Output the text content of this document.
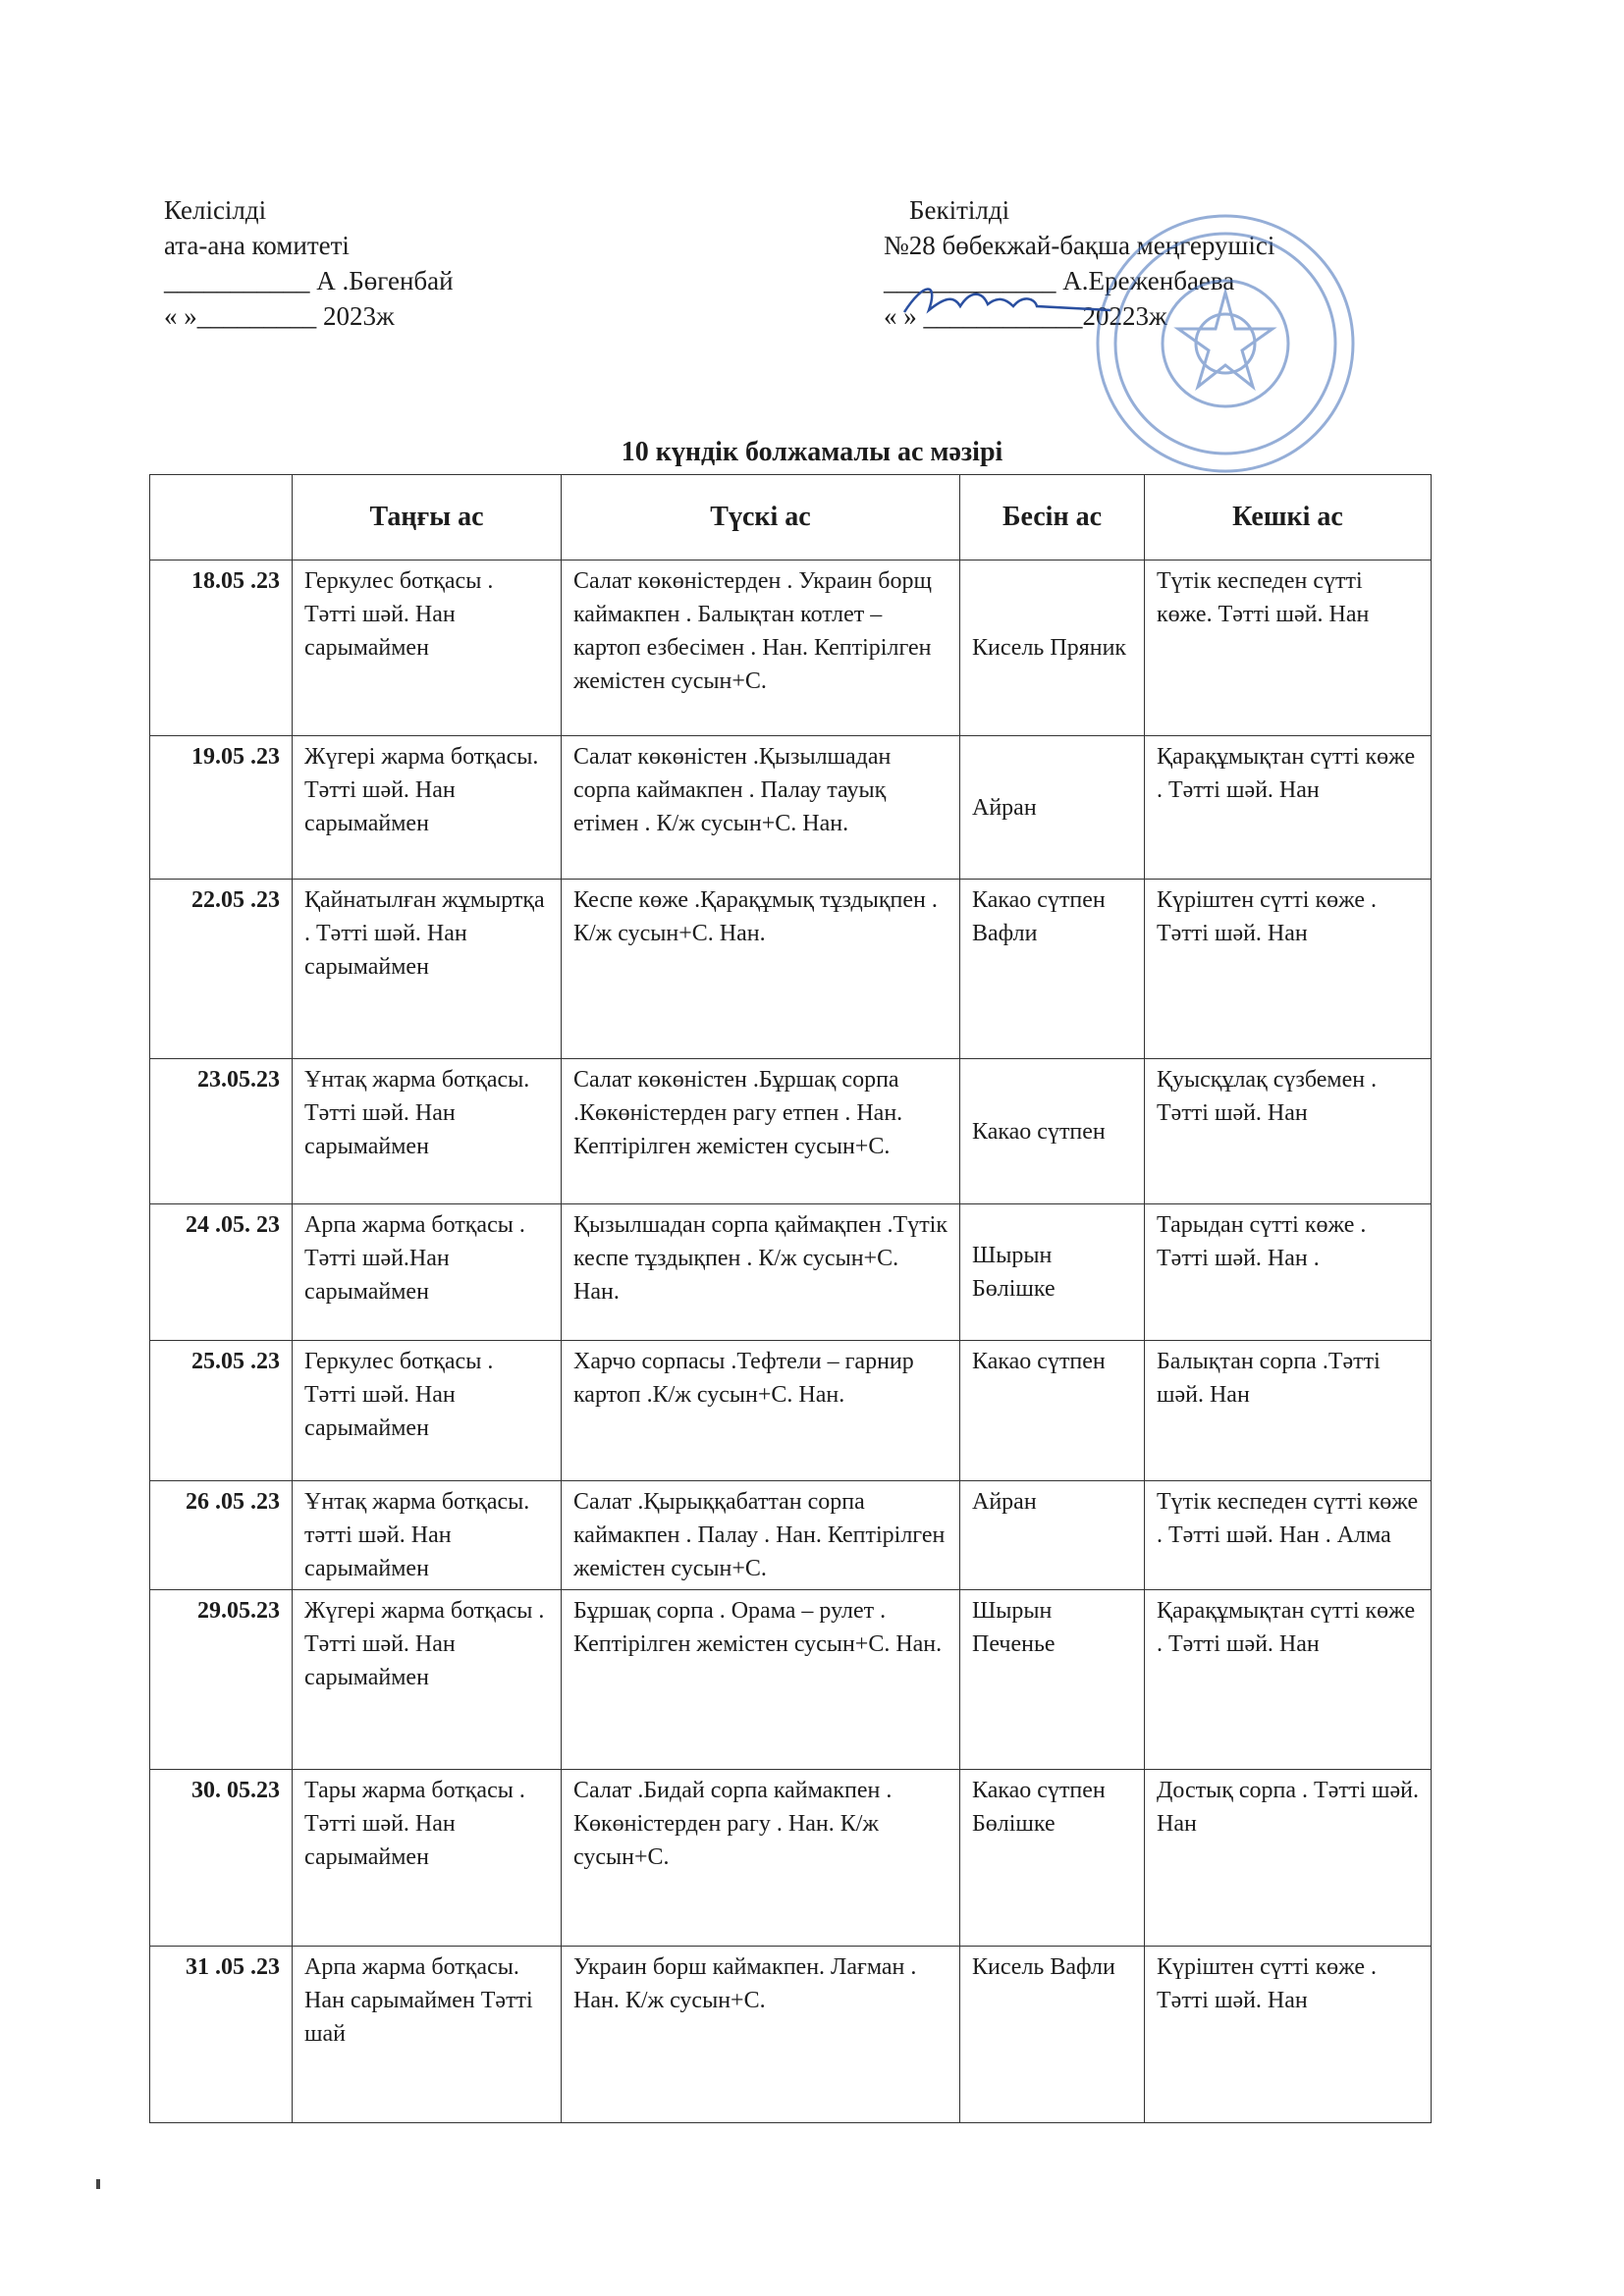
Келісілді
ата-ана комитеті
___________ А .Бөгенбай
« »_________ 2023ж
Бекітілді
№28 бөбекжай-бақша меңгерушісі
_____________ А.Ереженбаева
« » ____________20223ж
10 күндік болжамалы ас мәзірі
	Таңғы ас	Түскі ас	Бесін ас	Кешкі ас
18.05 .23	Геркулес ботқасы . Тәтті шәй. Нан сарымаймен	Салат көкөністерден . Украин борщ каймакпен . Балықтан котлет –картоп езбесімен . Нан. Кептірілген жемістен сусын+С.	Кисель Пряник	Түтік кеспеден сүтті көже. Тәтті шәй. Нан
19.05 .23	Жүгері жарма ботқасы. Тәтті шәй. Нан сарымаймен	Салат көкөністен .Қызылшадан сорпа каймакпен . Палау тауық етімен . К/ж сусын+С. Нан.	Айран	Қарақұмықтан сүтті көже . Тәтті шәй. Нан
22.05 .23	Қайнатылған жұмыртқа . Тәтті шәй. Нан сарымаймен	Кеспе көже .Қарақұмық тұздықпен . К/ж сусын+С. Нан.	Какао сүтпен Вафли	Күріштен сүтті көже . Тәтті шәй. Нан
23.05.23	Ұнтақ жарма ботқасы. Тәтті шәй. Нан сарымаймен	Салат көкөністен .Бұршақ сорпа .Көкөністерден рагу етпен . Нан. Кептірілген жемістен сусын+С.	Какао сүтпен	Қуысқұлақ сүзбемен . Тәтті шәй. Нан
24 .05. 23	Арпа жарма ботқасы . Тәтті шәй.Нан сарымаймен	Қызылшадан сорпа қаймақпен .Түтік кеспе тұздықпен . К/ж сусын+С. Нан.	Шырын Бөлішке	Тарыдан сүтті көже . Тәтті шәй. Нан .
25.05 .23	Геркулес ботқасы . Тәтті шәй. Нан сарымаймен	Харчо сорпасы .Тефтели – гарнир картоп .К/ж сусын+С. Нан.	Какао сүтпен	Балықтан сорпа .Тәтті шәй. Нан
26 .05 .23	Ұнтақ жарма ботқасы. тәтті шәй. Нан сарымаймен	Салат .Қырыққабаттан сорпа каймакпен . Палау . Нан. Кептірілген жемістен сусын+С.	Айран	Түтік кеспеден сүтті көже . Тәтті шәй. Нан . Алма
29.05.23	Жүгері жарма ботқасы . Тәтті шәй. Нан сарымаймен	Бұршақ сорпа . Орама – рулет . Кептірілген жемістен сусын+С. Нан.	Шырын Печенье	Қарақұмықтан сүтті көже . Тәтті шәй. Нан
30. 05.23	Тары жарма ботқасы . Тәтті шәй. Нан сарымаймен	Салат .Бидай сорпа каймакпен . Көкөністерден рагу . Нан. К/ж сусын+С.	Какао сүтпен Бөлішке	Достық сорпа . Тәтті шәй. Нан
31 .05 .23	Арпа жарма ботқасы. Нан сарымаймен Тәтті шай	Украин борш каймакпен. Лағман . Нан. К/ж сусын+С.	Кисель Вафли	Күріштен сүтті көже . Тәтті шәй. Нан
